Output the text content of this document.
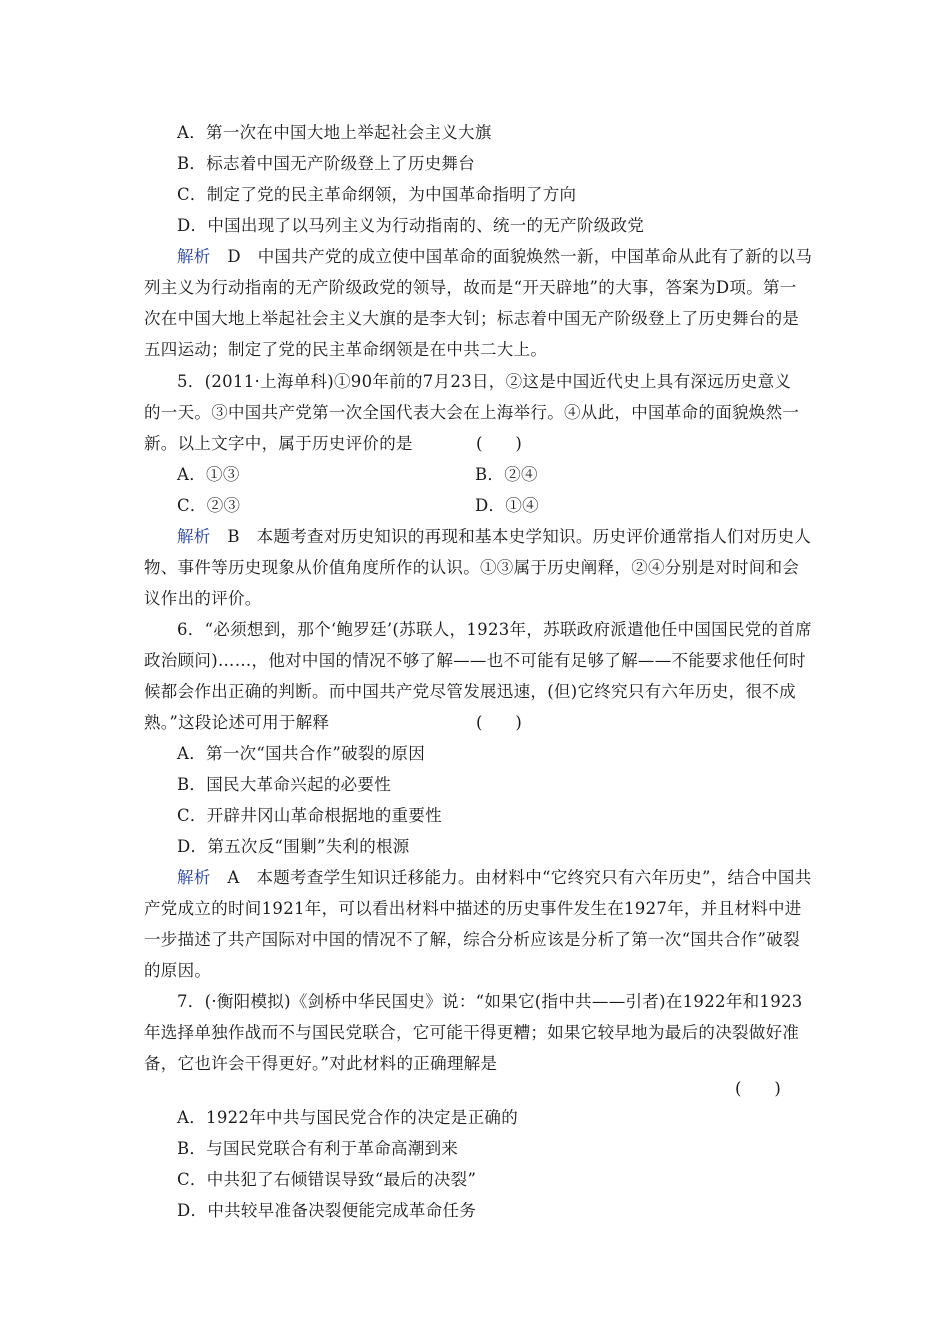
A．第一次在中国大地上举起社会主义大旗
B．标志着中国无产阶级登上了历史舞台
C．制定了党的民主革命纲领，为中国革命指明了方向
D．中国出现了以马列主义为行动指南的、统一的无产阶级政党
解析　 D　中国共产党的成立使中国革命的面貌焕然一新，中国革命从此有了新的以马
列主义为行动指南的无产阶级政党的领导，故而是“开天辟地”的大事，答案为D项。第一
次在中国大地上举起社会主义大旗的是李大钊；标志着中国无产阶级登上了历史舞台的是
五四运动；制定了党的民主革命纲领是在中共二大上。
5．(2011·上海单科)①90年前的7月23日，②这是中国近代史上具有深远历史意义
的一天。③中国共产党第一次全国代表大会在上海举行。④从此，中国革命的面貌焕然一
新。以上文字中，属于历史评价的是	(　　)
A．①③	B．②④
C．②③	D．①④
解析　 B　本题考查对历史知识的再现和基本史学知识。历史评价通常指人们对历史人
物、事件等历史现象从价值角度所作的认识。①③属于历史阐释，②④分别是对时间和会
议作出的评价。
6．“必须想到，那个‘鲍罗廷’(苏联人，1923年，苏联政府派遣他任中国国民党的首席
政治顾问)……，他对中国的情况不够了解——也不可能有足够了解——不能要求他任何时
候都会作出正确的判断。而中国共产党尽管发展迅速，(但)它终究只有六年历史，很不成
熟。”这段论述可用于解释	(　　)
A．第一次“国共合作”破裂的原因
B．国民大革命兴起的必要性
C．开辟井冈山革命根据地的重要性
D．第五次反“围剿”失利的根源
解析　 A　本题考查学生知识迁移能力。由材料中“它终究只有六年历史”，结合中国共
产党成立的时间1921年，可以看出材料中描述的历史事件发生在1927年，并且材料中进
一步描述了共产国际对中国的情况不了解，综合分析应该是分析了第一次“国共合作”破裂
的原因。
7．(·衡阳模拟)《剑桥中华民国史》说：“如果它(指中共——引者)在1922年和1923
年选择单独作战而不与国民党联合，它可能干得更糟；如果它较早地为最后的决裂做好准
备，它也许会干得更好。”对此材料的正确理解是
(　　)
A．1922年中共与国民党合作的决定是正确的
B．与国民党联合有利于革命高潮到来
C．中共犯了右倾错误导致“最后的决裂”
D．中共较早准备决裂便能完成革命任务
